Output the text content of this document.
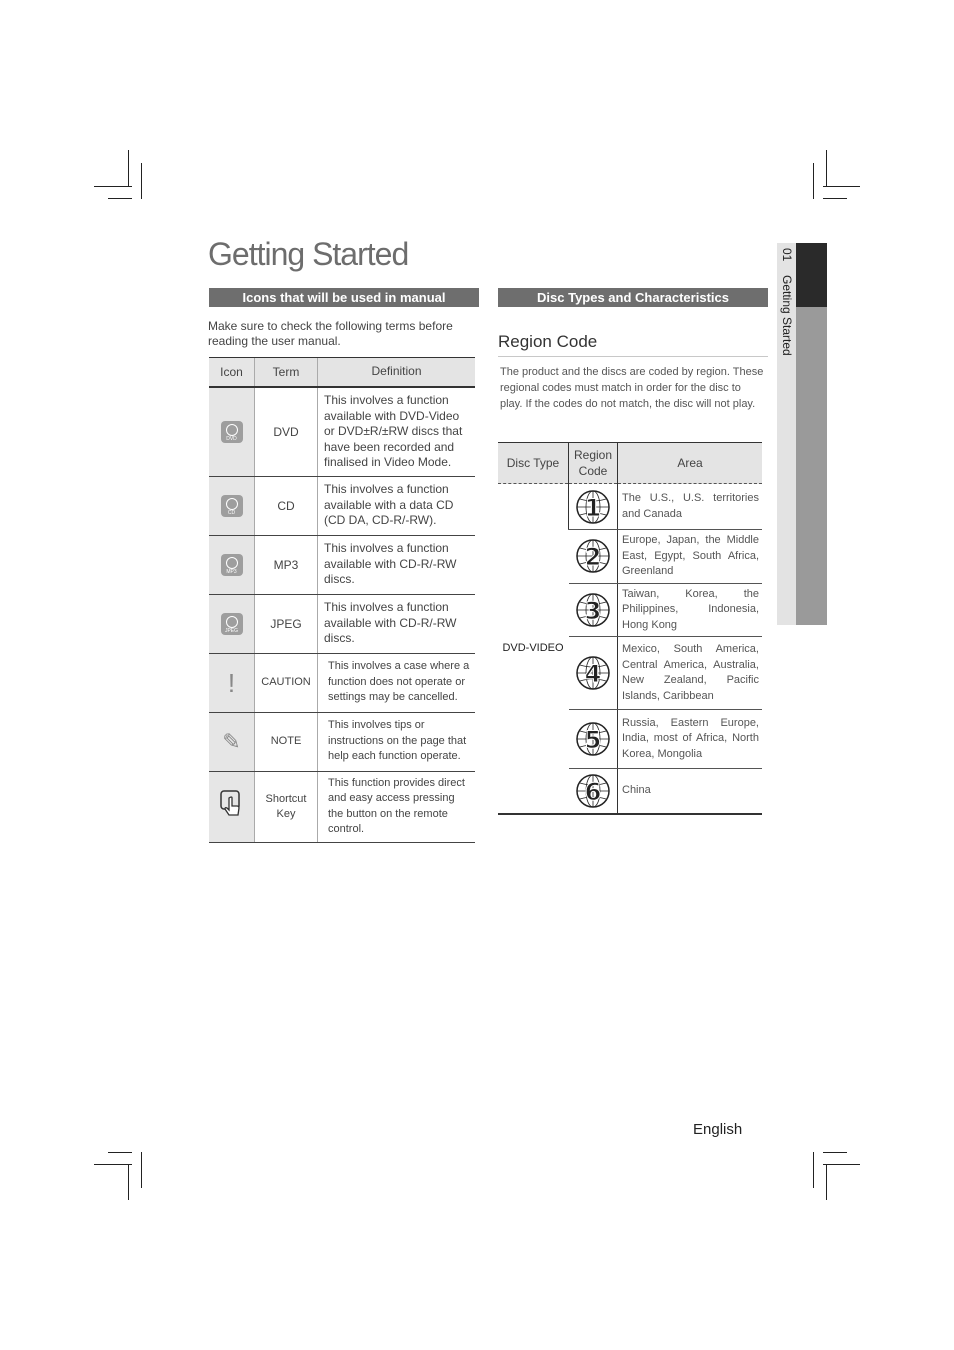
Getting Started
Icons that will be used in manual
Make sure to check the following terms before reading the user manual.
Icon	Term	Definition

DVD	DVD	This involves a function available with DVD-Video or DVD±R/±RW discs that have been recorded and finalised in Video Mode.

CD	CD	This involves a function available with a data CD (CD DA, CD-R/-RW).

MP3	MP3	This involves a function available with CD-R/-RW discs.

JPEG	JPEG	This involves a function available with CD-R/-RW discs.
!	CAUTION	This involves a case where a function does not operate or settings may be cancelled.
✎	NOTE	This involves tips or instructions on the page that help each function operate.
	Shortcut Key	This function provides direct and easy access pressing the button on the remote control.
Disc Types and Characteristics
Region Code
The product and the discs are coded by region. These regional codes must match in order for the disc to play. If the codes do not match, the disc will not play.
Disc Type	Region Code	Area
DVD-VIDEO	1	The U.S., U.S. territories and Canada

2	Europe, Japan, the Middle East, Egypt, South Africa, Greenland

3	Taiwan, Korea, the Philippines, Indonesia, Hong Kong

4	Mexico, South America, Central America, Australia, New Zealand, Pacific Islands, Caribbean

5	Russia, Eastern Europe, India, most of Africa, North Korea, Mongolia

6	China
01 Getting Started
English
